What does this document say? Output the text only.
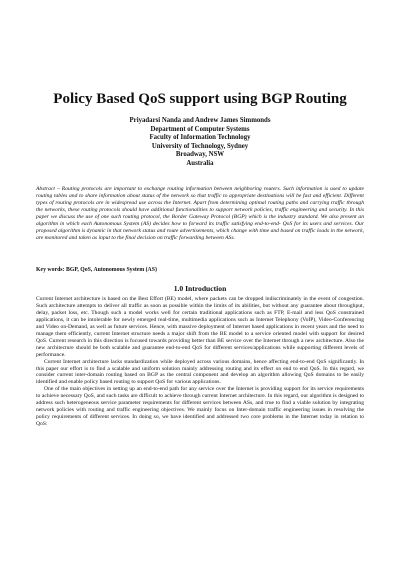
Policy Based QoS support using BGP Routing
Priyadarsi Nanda and Andrew James Simmonds
Department of Computer Systems
Faculty of Information Technology
University of Technology, Sydney
Broadway, NSW
Australia

Abstract – Routing protocols are important to exchange routing information between neighboring routers. Such information is used to update routing tables and to share information about status of the network so that traffic to appropriate destinations will be fast and efficient. Different types of routing protocols are in widespread use across the Internet. Apart from determining optimal routing paths and carrying traffic through the networks, these routing protocols should have additional functionalities to support network policies, traffic engineering and security. In this paper we discuss the use of one such routing protocol, the Border Gateway Protocol (BGP) which is the industry standard. We also present an algorithm in which each Autonomous System (AS) decides how to forward its traffic satisfying end-to-end- QoS for its users and services. Our proposed algorithm is dynamic in that network status and route advertisements, which change with time and based on traffic loads in the network, are monitored and taken as input to the final decision on traffic forwarding between ASs.

Key words: BGP, QoS, Autonomous System (AS)

1.0 Introduction

Current Internet architecture is based on the Best Effort (BE) model, where packets can be dropped indiscriminately in the event of congestion. Such architecture attempts to deliver all traffic as soon as possible within the limits of its abilities, but without any guarantee about throughput, delay, packet loss, etc. Though such a model works well for certain traditional applications such as FTP, E-mail and less QoS constrained applications, it can be intolerable for newly emerged real-time, multimedia applications such as Internet Telephony (VoIP), Video-Conferencing and Video on-Demand, as well as future services. Hence, with massive deployment of Internet based applications in recent years and the need to manage them efficiently, current Internet structure needs a major shift from the BE model to a service oriented model with support for desired QoS. Current research in this direction is focused towards providing better than BE service over the Internet through a new architecture. Also the new architecture should be both scalable and guarantee end-to-end QoS for different services/applications while supporting different levels of performance.

Current Internet architecture lacks standardization while deployed across various domains, hence affecting end-to-end QoS significantly. In this paper our effort is to find a scalable and uniform solution mainly addressing routing and its effect on end to end QoS. In this regard, we consider current inter-domain routing based on BGP as the central component and develop an algorithm allowing QoS domains to be easily identified and enable policy based routing to support QoS for various applications.

One of the main objectives in setting up an end-to-end path for any service over the Internet is providing support for its service requirements to achieve necessary QoS, and such tasks are difficult to achieve through current Internet architecture. In this regard, our algorithm is designed to address such heterogeneous service parameter requirements for different services between ASs, and true to find a viable solution by integrating network policies with routing and traffic engineering objectives. We mainly focus on Inter-domain traffic engineering issues in resolving the policy requirements of different services. In doing so, we have identified and addressed two core problems in the Internet today in relation to QoS:
